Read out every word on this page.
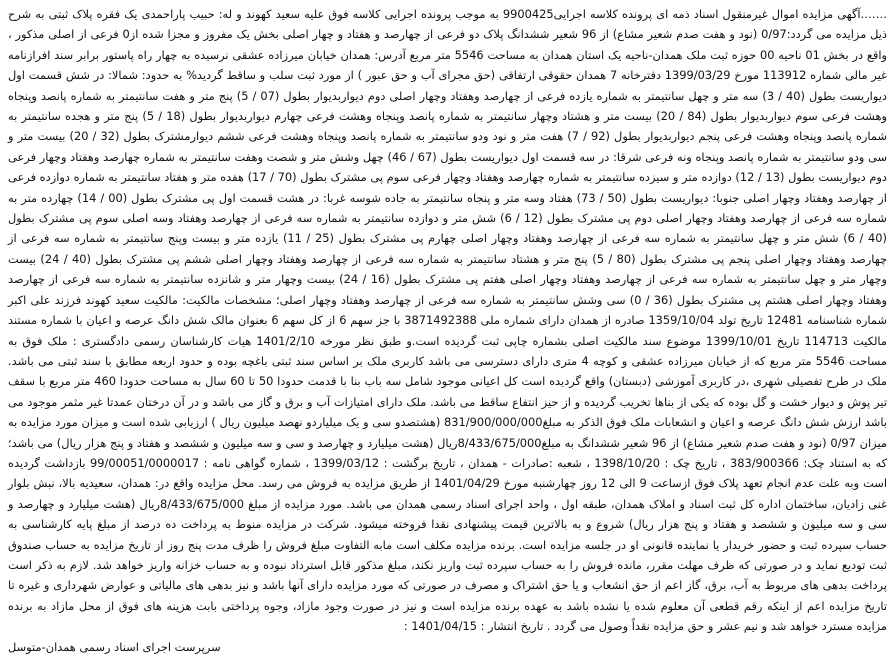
…….آگهی مزایده اموال غیرمنقول اسناد ذمه ای پرونده کلاسه اجرایی9900425 به موجب پرونده اجرایی کلاسه فوق علیه سعید کهوند و له: حبیب پاراحمدی یک فقره پلاک ثبتی به شرح ذیل مزایده می گردد:0/97 (نود و هفت صدم شعیر مشاع) از 96 شعیر ششدانگ پلاک دو فرعی از چهارصد و هفتاد و چهار اصلی بخش یک مفروز و مجزا شده از0 فرعی از اصلی مذکور ، واقع در بخش 01 ناحیه 00 حوزه ثبت ملک همدان-ناحیه یک استان همدان به مساحت 5546 متر مربع آدرس: همدان خیابان میرزاده عشقی نرسیده به چهار راه پاستور برابر سند افرازنامه غیر مالی شماره 113912 مورخ 1399/03/29 دفترخانه 7 همدان حقوقی ارتفاقی (حق مجرای آب و حق عبور ) از مورد ثبت سلب و ساقط گردید% به حدود: شمالا: در شش قسمت اول دیواریست بطول (40 / 3) سه متر و چهل سانتیمتر به شماره یازده فرعی از چهارصد وهفتاد وچهار اصلی دوم دیواربدیوار بطول (07 / 5) پنج متر و هفت سانتیمتر به شماره پانصد وپنجاه وهشت فرعی سوم دیواربدیوار بطول (84 / 20) بیست متر و هشتاد وچهار سانتیمتر به شماره پانصد وپنجاه وهشت فرعی چهارم دیواربدیوار بطول (18 / 5) پنج متر و هجده سانتیمتر به شماره پانصد وپنجاه وهشت فرعی پنجم دیواربدیوار بطول (92 / 7) هفت متر و نود ودو سانتیمتر به شماره پانصد وپنجاه وهشت فرعی ششم دیوارمشترک بطول (32 / 20) بیست متر و سی ودو سانتیمتر به شماره پانصد وپنجاه ونه فرعی شرقا: در سه قسمت اول دیواریست بطول (67 / 46) چهل وشش متر و شصت وهفت سانتیمتر به شماره چهارصد وهفتاد وچهار فرعی دوم دیواریست بطول (13 / 12) دوازده متر و سیزده سانتیمتر به شماره چهارصد وهفتاد وچهار فرعی سوم پی مشترک بطول (70 / 17) هفده متر و هفتاد سانتیمتر به شماره دوازده فرعی از چهارصد وهفتاد وچهار اصلی جنوبا: دیواریست بطول (50 / 73) هفتاد وسه متر و پنجاه سانتیمتر به جاده شوسه غربا: در هشت قسمت اول پی مشترک بطول (00 / 14) چهارده متر به شماره سه فرعی از چهارصد وهفتاد وچهار اصلی دوم پی مشترک بطول (12 / 6) شش متر و دوازده سانتیمتر به شماره سه فرعی از چهارصد وهفتاد وسه اصلی سوم پی مشترک بطول (40 / 6) شش متر و چهل سانتیمتر به شماره سه فرعی از چهارصد وهفتاد وچهار اصلی چهارم پی مشترک بطول (25 / 11) یازده متر و بیست وپنج سانتیمتر به شماره سه فرعی از چهارصد وهفتاد وچهار اصلی پنجم پی مشترک بطول (80 / 5) پنج متر و هشتاد سانتیمتر به شماره سه فرعی از چهارصد وهفتاد وچهار اصلی ششم پی مشترک بطول (40 / 24) بیست وچهار متر و چهل سانتیمتر به شماره سه فرعی از چهارصد وهفتاد وچهار اصلی هفتم پی مشترک بطول (16 / 24) بیست وچهار متر و شانزده سانتیمتر به شماره سه فرعی از چهارصد وهفتاد وچهار اصلی هشتم پی مشترک بطول (36 / 0) سی وشش سانتیمتر به شماره سه فرعی از چهارصد وهفتاد وچهار اصلی؛ مشخصات مالکیت: مالکیت سعید کهوند فرزند علی اکبر شماره شناسنامه 12481 تاریخ تولد 1359/10/04 صادره از همدان دارای شماره ملی 3871492388 با جز سهم 6 از کل سهم 6 بعنوان مالک شش دانگ عرصه و اعیان با شماره مستند مالکیت 114713 تاریخ 1399/10/01 موضوع سند مالکیت اصلی بشماره چاپی ثبت گردیده است.و طبق نظر مورخه 1401/2/10 هیات کارشناسان رسمی دادگستری : ملک فوق به مساحت 5546 متر مربع که از خیابان میرزاده عشقی و کوچه 4 متری دارای دسترسی می باشد کاربری ملک بر اساس سند ثبتی باغچه بوده و حدود اربعه مطابق با سند ثبتی می باشد. ملک در طرح تفصیلی شهری ،در کاربری آموزشی (دبستان) واقع گردیده است کل اعیانی موجود شامل سه باب بنا با قدمت حدودا 50 تا 60 سال به مساحت حدودا 460 متر مربع با سقف تیر پوش و دیوار خشت و گل بوده که یکی از بناها تخریب گردیده و از حیز انتفاع ساقط می باشد. ملک دارای امتیازات آب و برق و گاز می باشد و در آن درختان عمدتا غیر مثمر موجود می باشد ارزش شش دانگ عرصه و اعیان و انشعابات ملک فوق الذکر به مبلغ831/900/000/000 (هشتصدو سی و یک میلیاردو نهصد میلیون ریال ) ارزیابی شده است و میزان مورد مزایده به میزان 0/97 (نود و هفت صدم شعیر مشاع) از 96 شعیر ششدانگ به مبلغ8/433/675/000ریال (هشت میلیارد و چهارصد و سی و سه میلیون و ششصد و هفتاد و پنج هزار ریال) می باشد؛ که به استناد چک: 383/900366 ، تاریخ چک : 1398/10/20 ، شعبه :صادرات - همدان ، تاریخ برگشت : 1399/03/12 ، شماره گواهی نامه : 99/00051/0000017 بازداشت گردیده است وبه علت عدم انجام تعهد پلاک فوق ازساعت 9 الی 12 روز چهارشنبه مورخ 1401/04/29 از طریق مزایده به فروش می رسد. محل مزایده واقع در: همدان، سعیدیه بالا، نبش بلوار غنی زادیان، ساختمان اداره کل ثبت اسناد و املاک همدان، طبقه اول ، واحد اجرای اسناد رسمی همدان می باشد. مورد مزایده از مبلغ 8/433/675/000ریال (هشت میلیارد و چهارصد و سی و سه میلیون و ششصد و هفتاد و پنج هزار ریال) شروع و به بالاترین قیمت پیشنهادی نقدا فروخته میشود. شرکت در مزایده منوط به پرداخت ده درصد از مبلغ پایه کارشناسی به حساب سپرده ثبت و حضور خریدار یا نماینده قانونی او در جلسه مزایده است. برنده مزایده مکلف است مابه التفاوت مبلغ فروش را ظرف مدت پنج روز از تاریخ مزایده به حساب صندوق ثبت تودیع نماید و در صورتی که ظرف مهلت مقرر، مانده فروش را به حساب سپرده ثبت واریز نکند، مبلغ مذکور قابل استرداد نبوده و به حساب خزانه واریز خواهد شد. لازم به ذکر است پرداخت بدهی های مربوط به آب، برق، گاز اعم از حق انشعاب و یا حق اشتراک و مصرف در صورتی که مورد مزایده دارای آنها باشد و نیز بدهی های مالیاتی و عوارض شهرداری و غیره تا تاریخ مزایده اعم از اینکه رقم قطعی آن معلوم شده یا نشده باشد به عهده برنده مزایده است و نیز در صورت وجود مازاد، وجوه پرداختی بابت هزینه های فوق از محل مازاد به برنده مزایده مسترد خواهد شد و نیم عشر و حق مزایده نقداً وصول می گردد . تاریخ انتشار : 1401/04/15 :

سرپرست اجرای اسناد رسمی همدان-متوسل
